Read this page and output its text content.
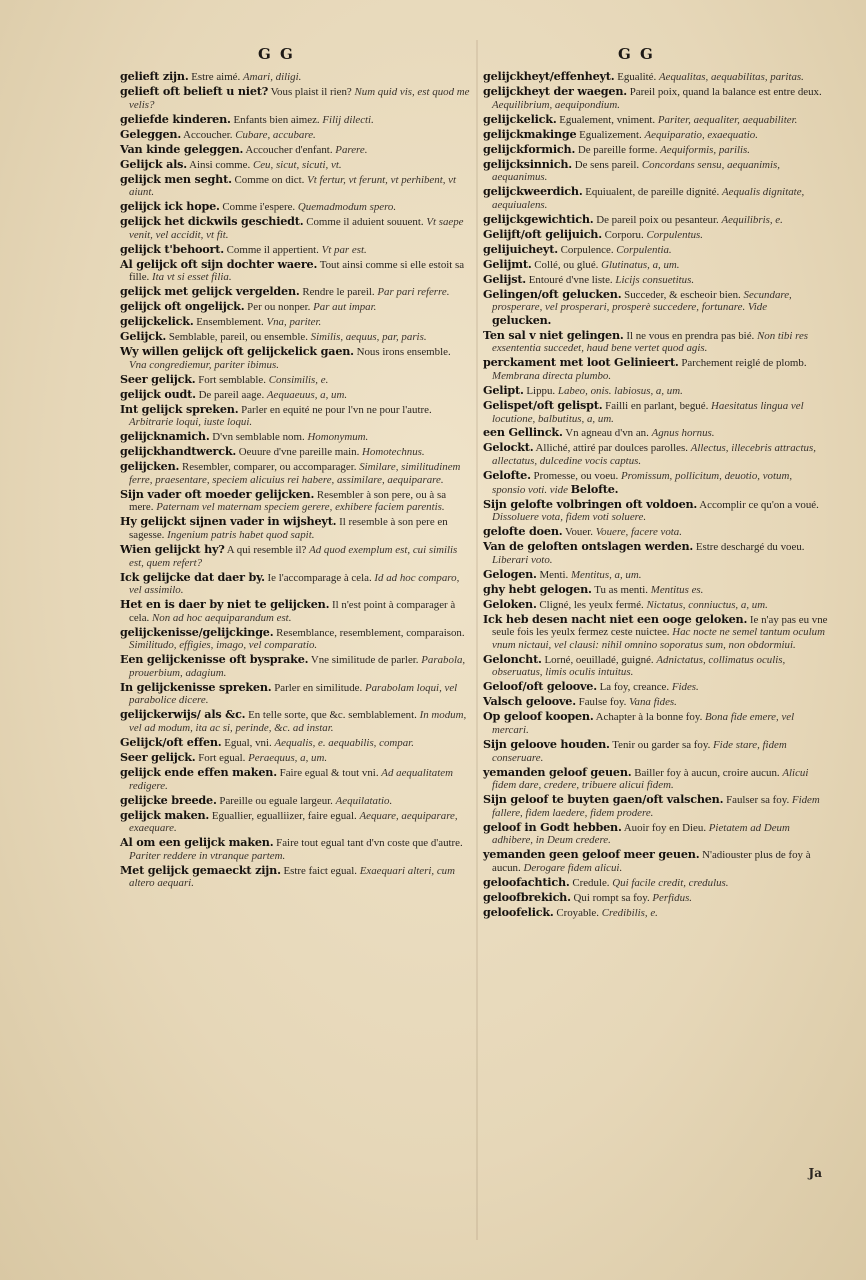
G G	G G

gelieft zijn. Estre aimé. Amari, diligi.

gelieft oft belieft u niet? Vous plaist il rien? Num quid vis, est quod me velis?

geliefde kinderen. Enfants bien aimez. Filij dilecti.

Geleggen. Accoucher. Cubare, accubare.

Van kinde geleggen. Accoucher d'enfant. Parere.

Gelijck als. Ainsi comme. Ceu, sicut, sicuti, vt.

gelijck men seght. Comme on dict. Vt fertur, vt ferunt, vt perhibent, vt aiunt.

gelijck ick hope. Comme i'espere. Quemadmodum spero.

gelijck het dickwils geschiedt. Comme il aduient souuent. Vt saepe venit, vel accidit, vt fit.

gelijck t'behoort. Comme il appertient. Vt par est.

Al gelijck oft sijn dochter waere. Tout ainsi comme si elle estoit sa fille. Ita vt si esset filia.

gelijck met gelijck vergelden. Rendre le pareil. Par pari referre.

gelijck oft ongelijck. Per ou nonper. Par aut impar.

gelijckelick. Ensemblement. Vna, pariter.

Gelijck. Semblable, pareil, ou ensemble. Similis, aequus, par, paris.

Wy willen gelijck oft gelijckelick gaen. Nous irons ensemble. Vna congrediemur, pariter ibimus.

Seer gelijck. Fort semblable. Consimilis, e.

gelijck oudt. De pareil aage. Aequaeuus, a, um.

Int gelijck spreken. Parler en equité ne pour l'vn ne pour l'autre. Arbitrarie loqui, iuste loqui.

gelijcknamich. D'vn semblable nom. Homonymum.

gelijckhandtwerck. Oeuure d'vne pareille main. Homotechnus.

gelijcken. Resembler, comparer, ou accomparager. Similare, similitudinem ferre, praesentare, speciem alicuius rei habere, assimilare, aequiparare.

Sijn vader oft moeder gelijcken. Resembler à son pere, ou à sa mere. Paternam vel maternam speciem gerere, exhibere faciem parentis.

Hy gelijckt sijnen vader in wijsheyt. Il resemble à son pere en sagesse. Ingenium patris habet quod sapit.

Wien gelijckt hy? A qui resemble il? Ad quod exemplum est, cui similis est, quem refert?

Ick gelijcke dat daer by. Ie l'accomparage à cela. Id ad hoc comparo, vel assimilo.

Het en is daer by niet te gelijcken. Il n'est point à comparager à cela. Non ad hoc aequiparandum est.

gelijckenisse/gelijckinge. Resemblance, resemblement, comparaison. Similitudo, effigies, imago, vel comparatio.

Een gelijckenisse oft bysprake. Vne similitude de parler. Parabola, prouerbium, adagium.

In gelijckenisse spreken. Parler en similitude. Parabolam loqui, vel parabolice dicere.

gelijckerwijs/ als &c. En telle sorte, que &c. semblablement. In modum, vel ad modum, ita ac si, perinde, &c. ad instar.

Gelijck/oft effen. Egual, vni. Aequalis, e. aequabilis, compar.

Seer gelijck. Fort egual. Peraequus, a, um.

gelijck ende effen maken. Faire egual & tout vni. Ad aequalitatem redigere.

gelijcke breede. Pareille ou eguale largeur. Aequilatatio.

gelijck maken. Eguallier, egualliizer, faire egual. Aequare, aequiparare, exaequare.

Al om een gelijck maken. Faire tout egual tant d'vn coste que d'autre. Pariter reddere in vtranque partem.

Met gelijck gemaeckt zijn. Estre faict egual. Exaequari alteri, cum altero aequari.

gelijckheyt/effenheyt. Egualité. Aequalitas, aequabilitas, paritas.

gelijckheyt der waegen. Pareil poix, quand la balance est entre deux. Aequilibrium, aequipondium.

gelijckelick. Egualement, vniment. Pariter, aequaliter, aequabiliter.

gelijckmakinge Egualizement. Aequiparatio, exaequatio.

gelijckformich. De pareille forme. Aequiformis, parilis.

gelijcksinnich. De sens pareil. Concordans sensu, aequanimis, aequanimus.

gelijckweerdich. Equiualent, de pareille dignité. Aequalis dignitate, aequiualens.

gelijckgewichtich. De pareil poix ou pesanteur. Aequilibris, e.

Gelijft/oft gelijuich. Corporu. Corpulentus.

gelijuicheyt. Corpulence. Corpulentia.

Gelijmt. Collé, ou glué. Glutinatus, a, um.

Gelijst. Entouré d'vne liste. Licijs consuetitus.

Gelingen/oft gelucken. Succeder, & escheoir bien. Secundare, prosperare, vel prosperari, prosperè succedere, fortunare. Vide gelucken.

Ten sal v niet gelingen. Il ne vous en prendra pas bié. Non tibi res exsententia succedet, haud bene vertet quod agis.

perckament met loot Gelinieert. Parchement reiglé de plomb. Membrana directa plumbo.

Gelipt. Lippu. Labeo, onis. labiosus, a, um.

Gelispet/oft gelispt. Failli en parlant, begué. Haesitatus lingua vel locutione, balbutitus, a, um.

een Gellinck. Vn agneau d'vn an. Agnus hornus.

Gelockt. Alliché, attiré par doulces parolles. Allectus, illecebris attractus, allectatus, dulcedine vocis captus.

Gelofte. Promesse, ou voeu. Promissum, pollicitum, deuotio, votum, sponsio voti. vide Belofte.

Sijn gelofte volbringen oft voldoen. Accomplir ce qu'on a voué. Dissoluere vota, fidem voti soluere.

gelofte doen. Vouer. Vouere, facere vota.

Van de geloften ontslagen werden. Estre deschargé du voeu. Liberari voto.

Gelogen. Menti. Mentitus, a, um.

ghy hebt gelogen. Tu as menti. Mentitus es.

Geloken. Cligné, les yeulx fermé. Nictatus, conniuctus, a, um.

Ick heb desen nacht niet een ooge geloken. Ie n'ay pas eu vne seule fois les yeulx fermez ceste nuictee. Hac nocte ne semel tantum oculum vnum nictaui, vel clausi: nihil omnino soporatus sum, non obdormiui.

Geloncht. Lorné, oeuilladé, guigné. Adnictatus, collimatus oculis, obseruatus, limis oculis intuitus.

Geloof/oft geloove. La foy, creance. Fides.

Valsch geloove. Faulse foy. Vana fides.

Op geloof koopen. Achapter à la bonne foy. Bona fide emere, vel mercari.

Sijn geloove houden. Tenir ou garder sa foy. Fide stare, fidem conseruare.

yemanden geloof geuen. Bailler foy à aucun, croire aucun. Alicui fidem dare, credere, tribuere alicui fidem.

Sijn geloof te buyten gaen/oft valschen. Faulser sa foy. Fidem fallere, fidem laedere, fidem prodere.

geloof in Godt hebben. Auoir foy en Dieu. Pietatem ad Deum adhibere, in Deum credere.

yemanden geen geloof meer geuen. N'adiouster plus de foy à aucun. Derogare fidem alicui.

geloofachtich. Credule. Qui facile credit, credulus.

geloofbrekich. Qui rompt sa foy. Perfidus.

geloofelick. Croyable. Credibilis, e.

Ja
